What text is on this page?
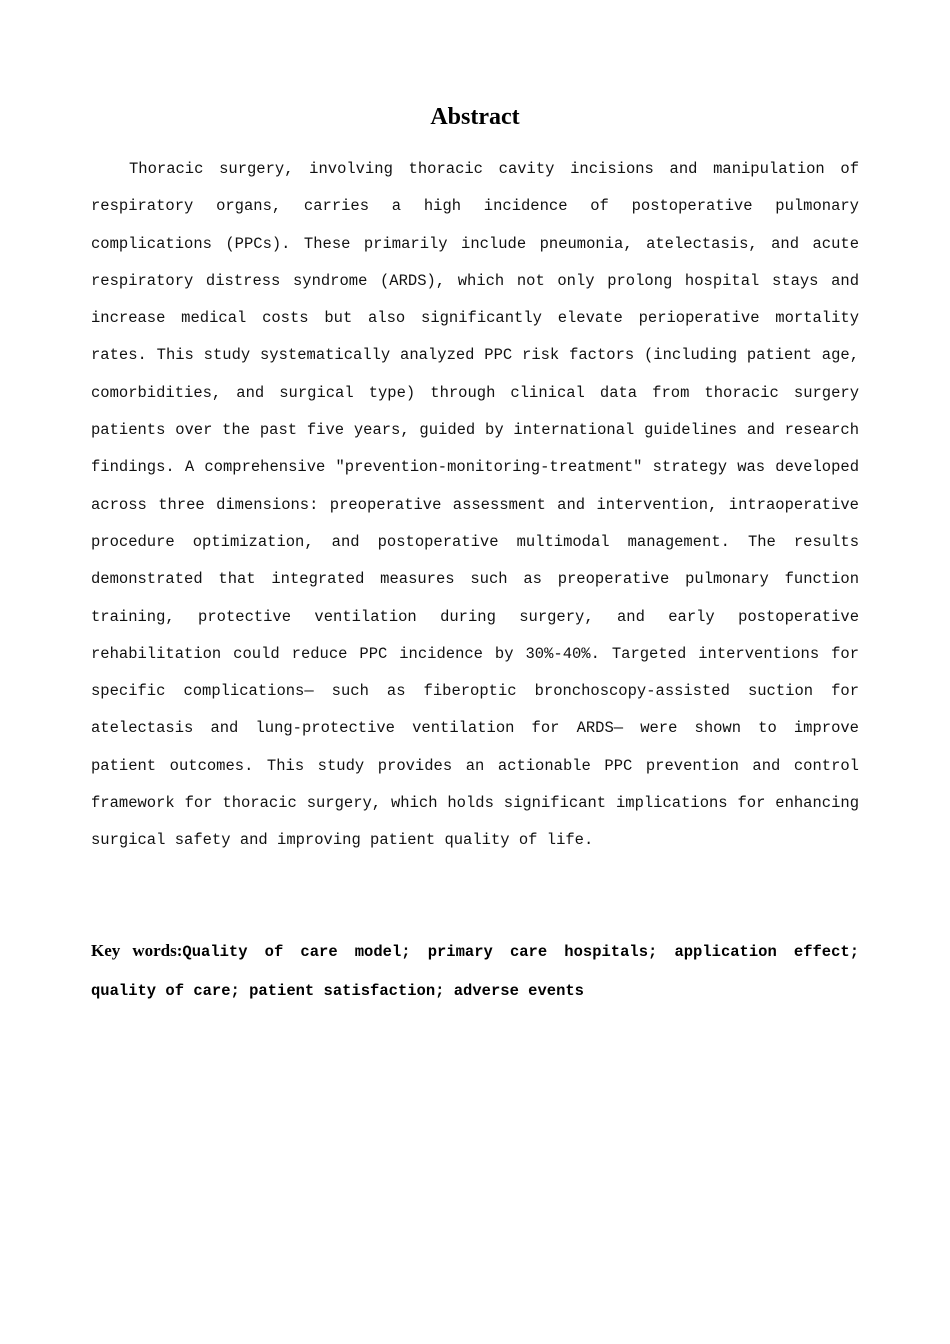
Abstract

Thoracic surgery, involving thoracic cavity incisions and manipulation of respiratory organs, carries a high incidence of postoperative pulmonary complications (PPCs). These primarily include pneumonia, atelectasis, and acute respiratory distress syndrome (ARDS), which not only prolong hospital stays and increase medical costs but also significantly elevate perioperative mortality rates. This study systematically analyzed PPC risk factors (including patient age, comorbidities, and surgical type) through clinical data from thoracic surgery patients over the past five years, guided by international guidelines and research findings. A comprehensive ″prevention-monitoring-treatment″ strategy was developed across three dimensions: preoperative assessment and intervention, intraoperative procedure optimization, and postoperative multimodal management. The results demonstrated that integrated measures such as preoperative pulmonary function training, protective ventilation during surgery, and early postoperative rehabilitation could reduce PPC incidence by 30%-40%. Targeted interventions for specific complications— such as fiberoptic bronchoscopy-assisted suction for atelectasis and lung-protective ventilation for ARDS— were shown to improve patient outcomes. This study provides an actionable PPC prevention and control framework for thoracic surgery, which holds significant implications for enhancing surgical safety and improving patient quality of life.

Key words:Quality of care model; primary care hospitals; application effect; quality of care; patient satisfaction; adverse events
